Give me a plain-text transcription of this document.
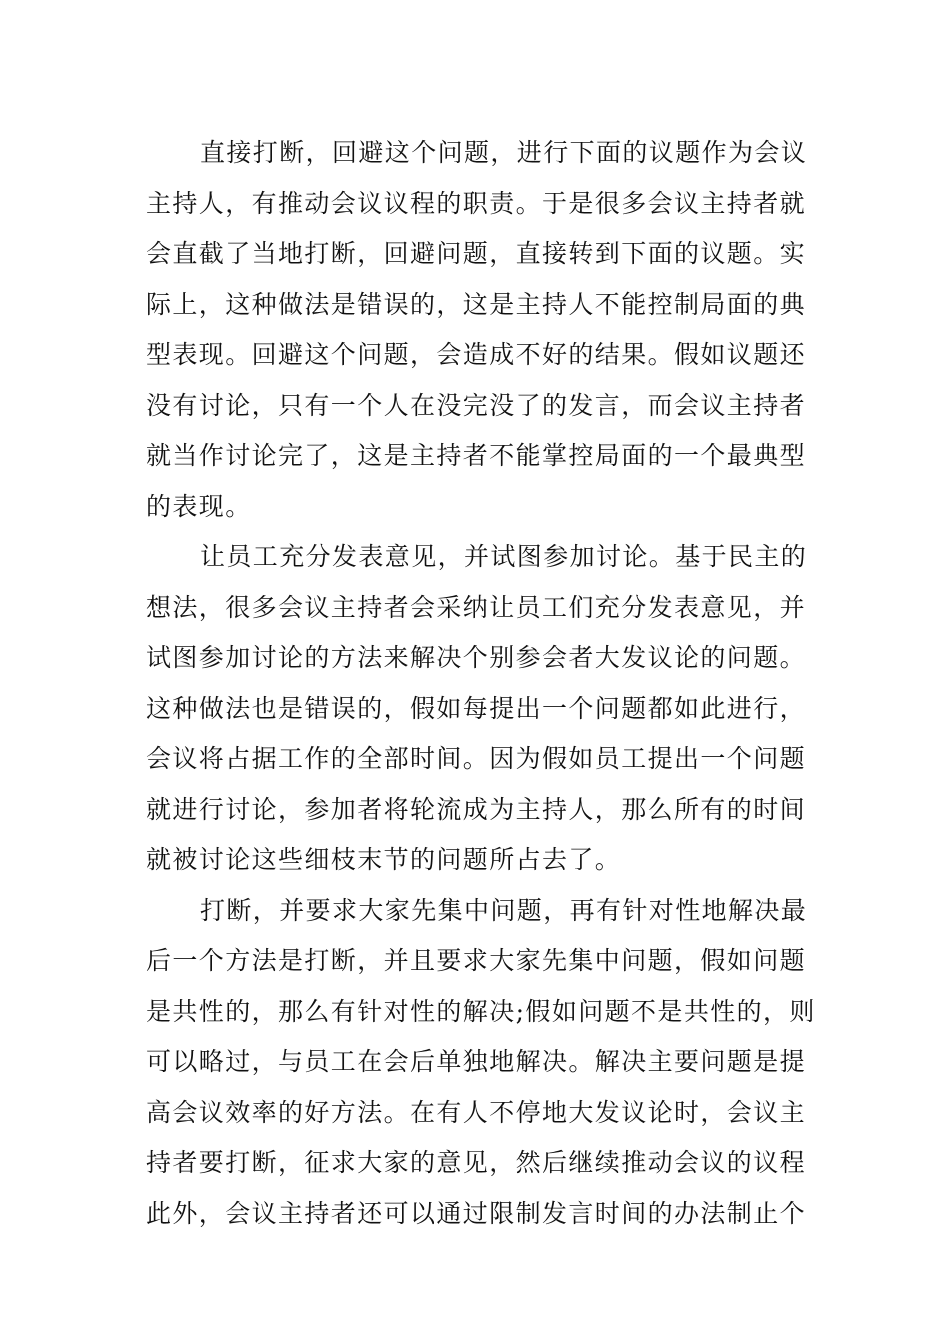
直接打断，回避这个问题，进行下面的议题作为会议
主持人，有推动会议议程的职责。于是很多会议主持者就
会直截了当地打断，回避问题，直接转到下面的议题。实
际上，这种做法是错误的，这是主持人不能控制局面的典
型表现。回避这个问题，会造成不好的结果。假如议题还
没有讨论，只有一个人在没完没了的发言，而会议主持者
就当作讨论完了，这是主持者不能掌控局面的一个最典型
的表现。
让员工充分发表意见，并试图参加讨论。基于民主的
想法，很多会议主持者会采纳让员工们充分发表意见，并
试图参加讨论的方法来解决个别参会者大发议论的问题。
这种做法也是错误的，假如每提出一个问题都如此进行，
会议将占据工作的全部时间。因为假如员工提出一个问题
就进行讨论，参加者将轮流成为主持人，那么所有的时间
就被讨论这些细枝末节的问题所占去了。
打断，并要求大家先集中问题，再有针对性地解决最
后一个方法是打断，并且要求大家先集中问题，假如问题
是共性的，那么有针对性的解决;假如问题不是共性的，则
可以略过，与员工在会后单独地解决。解决主要问题是提
高会议效率的好方法。在有人不停地大发议论时，会议主
持者要打断，征求大家的意见，然后继续推动会议的议程
此外，会议主持者还可以通过限制发言时间的办法制止个
